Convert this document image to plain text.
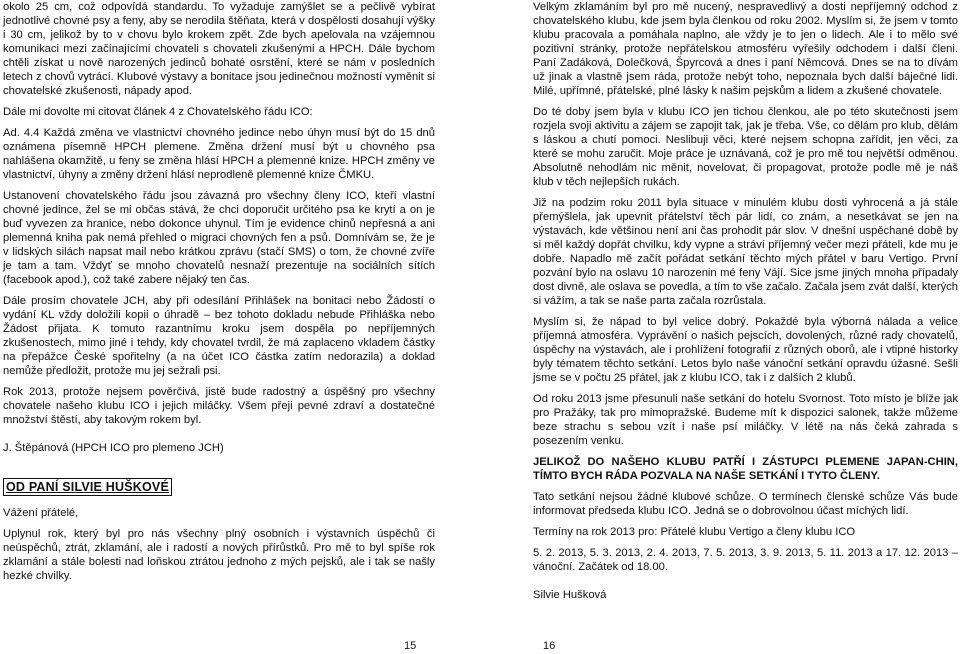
okolo 25 cm, což odpovídá standardu. To vyžaduje zamýšlet se a pečlivě vybírat jednotlivé chovné psy a feny, aby se nerodila štěňata, která v dospělosti dosahují výšky i 30 cm, jelikož by to v chovu bylo krokem zpět. Zde bych apelovala na vzájemnou komunikaci mezi začínajícími chovateli s chovateli zkušenými a HPCH. Dále bychom chtěli získat u nově narozených jedinců bohaté osrstění, které se nám v posledních letech z chovů vytrácí. Klubové výstavy a bonitace jsou jedinečnou možností vyměnit si chovatelské zkušenosti, nápady apod.

Dále mi dovolte mi citovat článek 4 z Chovatelského řádu ICO:

Ad. 4.4 Každá změna ve vlastnictví chovného jedince nebo úhyn musí být do 15 dnů oznámena písemně HPCH plemene. Změna držení musí být u chovného psa nahlášena okamžitě, u feny se změna hlásí HPCH a plemenné knize. HPCH změny ve vlastnictví, úhyny a změny držení hlásí neprodleně plemenné knize ČMKU.

Ustanovení chovatelského řádu jsou závazná pro všechny členy ICO, kteří vlastní chovné jedince, žel se mi občas stává, že chci doporučit určitého psa ke krytí a on je buď vyvezen za hranice, nebo dokonce uhynul. Tím je evidence chinů nepřesná a ani plemenná kniha pak nemá přehled o migraci chovných fen a psů. Domnívám se, že je v lidských silách napsat mail nebo krátkou zprávu (stačí SMS) o tom, že chovné zvíře je tam a tam. Vždyť se mnoho chovatelů nesnaží prezentuje na sociálních sítích (facebook apod.), což také zabere nějaký ten čas.

Dále prosím chovatele JCH, aby při odesílání Přihlášek na bonitaci nebo Žádostí o vydání KL vždy doložili kopii o úhradě – bez tohoto dokladu nebude Přihláška nebo Žádost přijata. K tomuto razantnímu kroku jsem dospěla po nepříjemných zkušenostech, mimo jiné i tehdy, kdy chovatel tvrdil, že má zaplaceno vkladem částky na přepážce České spořitelny (a na účet ICO částka zatím nedorazila) a doklad nemůže předložit, protože mu jej sežrali psi.

Rok 2013, protože nejsem pověrčivá, jistě bude radostný a úspěšný pro všechny chovatele našeho klubu ICO i jejich miláčky. Všem přeji pevné zdraví a dostatečné množství štěstí, aby takovým rokem byl.

J. Štěpánová (HPCH ICO pro plemeno JCH)

OD PANÍ SILVIE HUŠKOVÉ

Vážení přátelé,

Uplynul rok, který byl pro nás všechny plný osobních i výstavních úspěchů či neúspěchů, ztrát, zklamání, ale i radostí a nových přírůstků. Pro mě to byl spíše rok zklamání a stále bolesti nad loňskou ztrátou jednoho z mých pejsků, ale i tak se našly hezké chvilky.

Velkým zklamáním byl pro mě nucený, nespravedlivý a dosti nepříjemný odchod z chovatelského klubu, kde jsem byla členkou od roku 2002. Myslím si, že jsem v tomto klubu pracovala a pomáhala naplno, ale vždy je to jen o lidech. Ale i to mělo své pozitivní stránky, protože nepřátelskou atmosféru vyřešily odchodem i další členi. Paní Zadáková, Dolečková, Špyrcová a dnes i paní Němcová. Dnes se na to dívám už jinak a vlastně jsem ráda, protože nebýt toho, nepoznala bych další báječné lidi. Milé, upřímné, přátelské, plné lásky k našim pejskům a lidem a zkušené chovatele.

Do té doby jsem byla v klubu ICO jen tichou členkou, ale po této skutečnosti jsem rozjela svoji aktivitu a zájem se zapojit tak, jak je třeba. Vše, co dělám pro klub, dělám s láskou a chutí pomoci. Neslibuji věci, které nejsem schopna zařídit, jen věci, za které se mohu zaručit. Moje práce je uznávaná, což je pro mě tou největší odměnou. Absolutně nehodlám nic měnit, novelovat, či propagovat, protože podle mě je náš klub v těch nejlepších rukách.

Již na podzim roku 2011 byla situace v minulém klubu dosti vyhrocená a já stále přemýšlela, jak upevnit přátelství těch pár lidí, co znám, a nesetkávat se jen na výstavách, kde většinou není ani čas prohodit pár slov. V dnešní uspěchané době by si měl každý dopřát chvilku, kdy vypne a stráví příjemný večer mezi přáteli, kde mu je dobře. Napadlo mě začít pořádat setkání těchto mých přátel v baru Vertigo. První pozvání bylo na oslavu 10 narozenin mé feny Vájí. Sice jsme jiných mnoha případaly dost divně, ale oslava se povedla, a tím to vše začalo. Začala jsem zvát další, kterých si vážím, a tak se naše parta začala rozrůstala.

Myslím si, že nápad to byl velice dobrý. Pokaždé byla výborná nálada a velice příjemná atmosféra. Vyprávění o našich pejscích, dovolených, různé rady chovatelů, úspěchy na výstavách, ale i prohlížení fotografií z různých oborů, ale i vtipné historky byly tématem těchto setkání. Letos bylo naše vánoční setkání opravdu úžasné. Sešli jsme se v počtu 25 přátel, jak z klubu ICO, tak i z dalších 2 klubů.

Od roku 2013 jsme přesunuli naše setkání do hotelu Svornost. Toto místo je blíže jak pro Pražáky, tak pro mimopražské. Budeme mít k dispozici salonek, takže můžeme beze strachu s sebou vzít i naše psí miláčky. V létě na nás čeká zahrada s posezením venku.

JELIKOŽ DO NAŠEHO KLUBU PATŘÍ I ZÁSTUPCI PLEMENE JAPAN-CHIN, TÍMTO BYCH RÁDA POZVALA NA NAŠE SETKÁNÍ I TYTO ČLENY.

Tato setkání nejsou žádné klubové schůze. O termínech členské schůze Vás bude informovat předseda klubu ICO. Jedná se o dobrovolnou účast míchých lidí.

Termíny na rok 2013 pro: Přátelé klubu Vertigo a členy klubu ICO

5. 2. 2013, 5. 3. 2013, 2. 4. 2013, 7. 5. 2013, 3. 9. 2013, 5. 11. 2013 a 17. 12. 2013 – vánoční. Začátek od 18.00.

Silvie Hušková

15	16
